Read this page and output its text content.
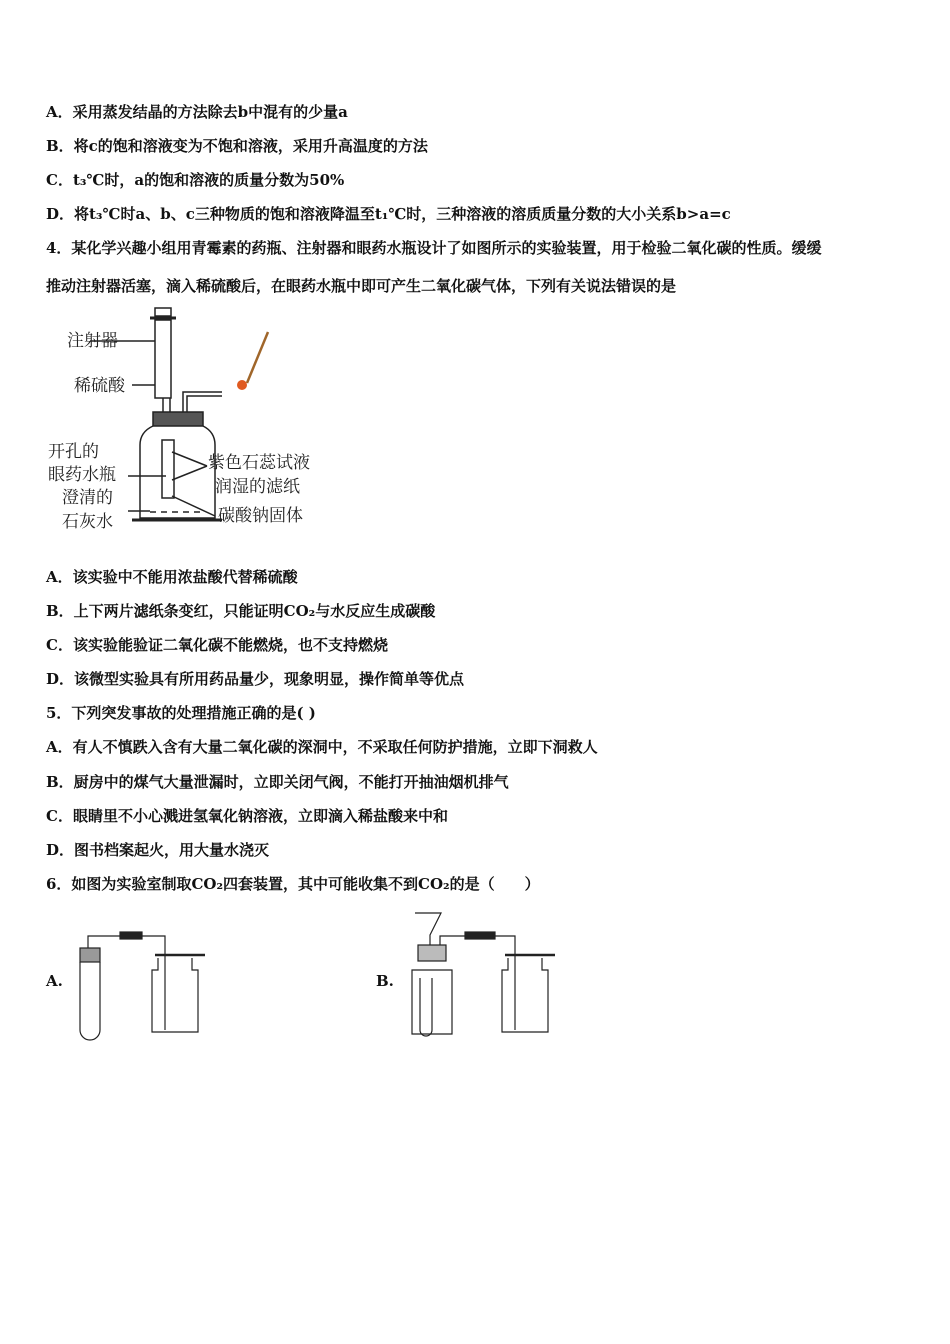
A．采用蒸发结晶的方法除去b中混有的少量a
B．将c的饱和溶液变为不饱和溶液，采用升高温度的方法
C．t₃℃时，a的饱和溶液的质量分数为50%
D．将t₃℃时a、b、c三种物质的饱和溶液降温至t₁℃时，三种溶液的溶质质量分数的大小关系b>a=c
4．某化学兴趣小组用青霉素的药瓶、注射器和眼药水瓶设计了如图所示的实验装置，用于检验二氧化碳的性质。缓缓
推动注射器活塞，滴入稀硫酸后，在眼药水瓶中即可产生二氧化碳气体，下列有关说法错误的是
注射器
稀硫酸
开孔的
眼药水瓶
澄清的
石灰水
紫色石蕊试液
润湿的滤纸
碳酸钠固体
A．该实验中不能用浓盐酸代替稀硫酸
B．上下两片滤纸条变红，只能证明CO₂与水反应生成碳酸
C．该实验能验证二氧化碳不能燃烧，也不支持燃烧
D．该微型实验具有所用药品量少，现象明显，操作简单等优点
5．下列突发事故的处理措施正确的是( )
A．有人不慎跌入含有大量二氧化碳的深洞中，不采取任何防护措施，立即下洞救人
B．厨房中的煤气大量泄漏时，立即关闭气阀，不能打开抽油烟机排气
C．眼睛里不小心溅进氢氧化钠溶液，立即滴入稀盐酸来中和
D．图书档案起火，用大量水浇灭
6．如图为实验室制取CO₂四套装置，其中可能收集不到CO₂的是（　　）
A.	B.
